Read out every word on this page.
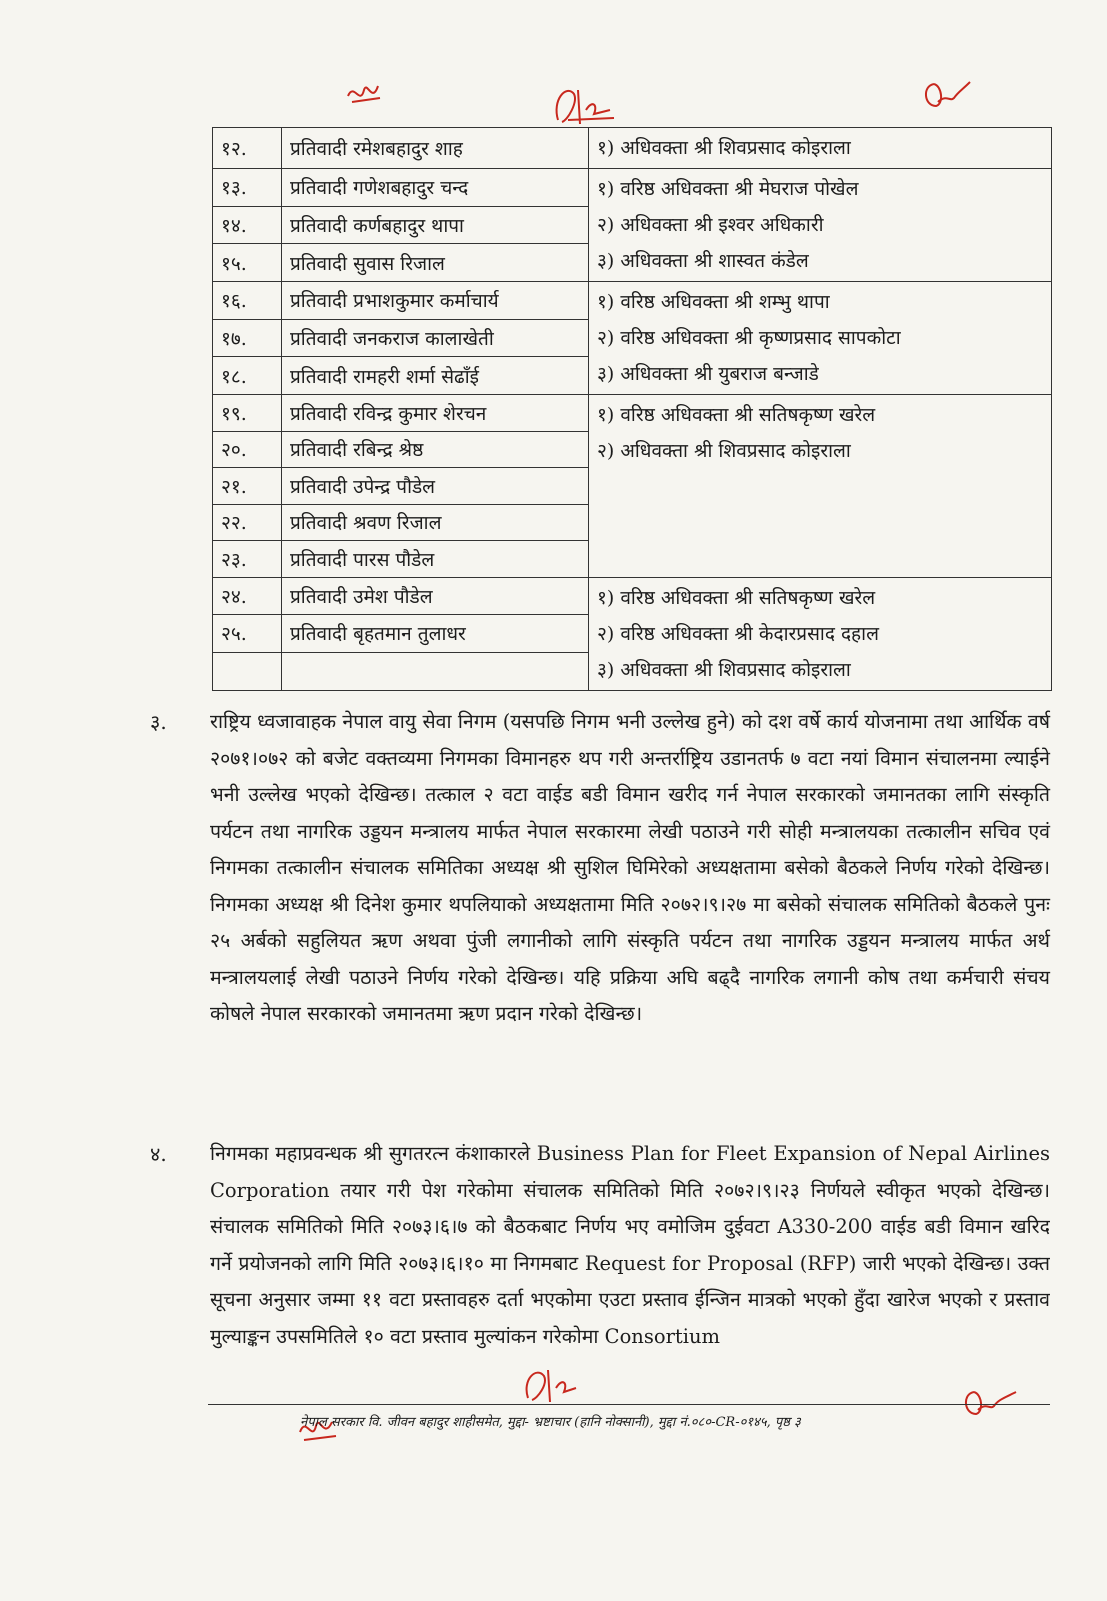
१२.	प्रतिवादी रमेशबहादुर शाह	१) अधिवक्ता श्री शिवप्रसाद कोइराला

१३.	प्रतिवादी गणेशबहादुर चन्द	१) वरिष्ठ अधिवक्ता श्री मेघराज पोखेल
२) अधिवक्ता श्री इश्वर अधिकारी
३) अधिवक्ता श्री शास्वत कंडेल

१४.	प्रतिवादी कर्णबहादुर थापा	
१५.	प्रतिवादी सुवास रिजाल	
१६.	प्रतिवादी प्रभाशकुमार कर्माचार्य	१) वरिष्ठ अधिवक्ता श्री शम्भु थापा
२) वरिष्ठ अधिवक्ता श्री कृष्णप्रसाद सापकोटा
३) अधिवक्ता श्री युबराज बन्जाडे

१७.	प्रतिवादी जनकराज कालाखेती	
१८.	प्रतिवादी रामहरी शर्मा सेढाँई	
१९.	प्रतिवादी रविन्द्र कुमार शेरचन	१) वरिष्ठ अधिवक्ता श्री सतिषकृष्ण खरेल
२) अधिवक्ता श्री शिवप्रसाद कोइराला

२०.	प्रतिवादी रबिन्द्र श्रेष्ठ	
२१.	प्रतिवादी उपेन्द्र पौडेल	
२२.	प्रतिवादी श्रवण रिजाल	
२३.	प्रतिवादी पारस पौडेल	
२४.	प्रतिवादी उमेश पौडेल	१) वरिष्ठ अधिवक्ता श्री सतिषकृष्ण खरेल
२) वरिष्ठ अधिवक्ता श्री केदारप्रसाद दहाल
३) अधिवक्ता श्री शिवप्रसाद कोइराला

२५.	प्रतिवादी बृहतमान तुलाधर	

३. राष्ट्रिय ध्वजावाहक नेपाल वायु सेवा निगम (यसपछि निगम भनी उल्लेख हुने) को दश वर्षे कार्य योजनामा तथा आर्थिक वर्ष २०७१।०७२ को बजेट वक्तव्यमा निगमका विमानहरु थप गरी अन्तर्राष्ट्रिय उडानतर्फ ७ वटा नयां विमान संचालनमा ल्याईने भनी उल्लेख भएको देखिन्छ। तत्काल २ वटा वाईड बडी विमान खरीद गर्न नेपाल सरकारको जमानतका लागि संस्कृति पर्यटन तथा नागरिक उड्डयन मन्त्रालय मार्फत नेपाल सरकारमा लेखी पठाउने गरी सोही मन्त्रालयका तत्कालीन सचिव एवं निगमका तत्कालीन संचालक समितिका अध्यक्ष श्री सुशिल घिमिरेको अध्यक्षतामा बसेको बैठकले निर्णय गरेको देखिन्छ। निगमका अध्यक्ष श्री दिनेश कुमार थपलियाको अध्यक्षतामा मिति २०७२।९।२७ मा बसेको संचालक समितिको बैठकले पुनः २५ अर्बको सहुलियत ऋण अथवा पुंजी लगानीको लागि संस्कृति पर्यटन तथा नागरिक उड्डयन मन्त्रालय मार्फत अर्थ मन्त्रालयलाई लेखी पठाउने निर्णय गरेको देखिन्छ। यहि प्रक्रिया अघि बढ्दै नागरिक लगानी कोष तथा कर्मचारी संचय कोषले नेपाल सरकारको जमानतमा ऋण प्रदान गरेको देखिन्छ।
४. निगमका महाप्रवन्धक श्री सुगतरत्न कंशाकारले Business Plan for Fleet Expansion of Nepal Airlines Corporation तयार गरी पेश गरेकोमा संचालक समितिको मिति २०७२।९।२३ निर्णयले स्वीकृत भएको देखिन्छ। संचालक समितिको मिति २०७३।६।७ को बैठकबाट निर्णय भए वमोजिम दुईवटा A330-200 वाईड बडी विमान खरिद गर्ने प्रयोजनको लागि मिति २०७३।६।१० मा निगमबाट Request for Proposal (RFP) जारी भएको देखिन्छ। उक्त सूचना अनुसार जम्मा ११ वटा प्रस्तावहरु दर्ता भएकोमा एउटा प्रस्ताव ईन्जिन मात्रको भएको हुँदा खारेज भएको र प्रस्ताव मुल्याङ्कन उपसमितिले १० वटा प्रस्ताव मुल्यांकन गरेकोमा Consortium
नेपाल सरकार वि. जीवन बहादुर शाहीसमेत, मुद्दा- भ्रष्टाचार (हानि नोक्सानी), मुद्दा नं.०८०-CR-०१४५, पृष्ठ ३
